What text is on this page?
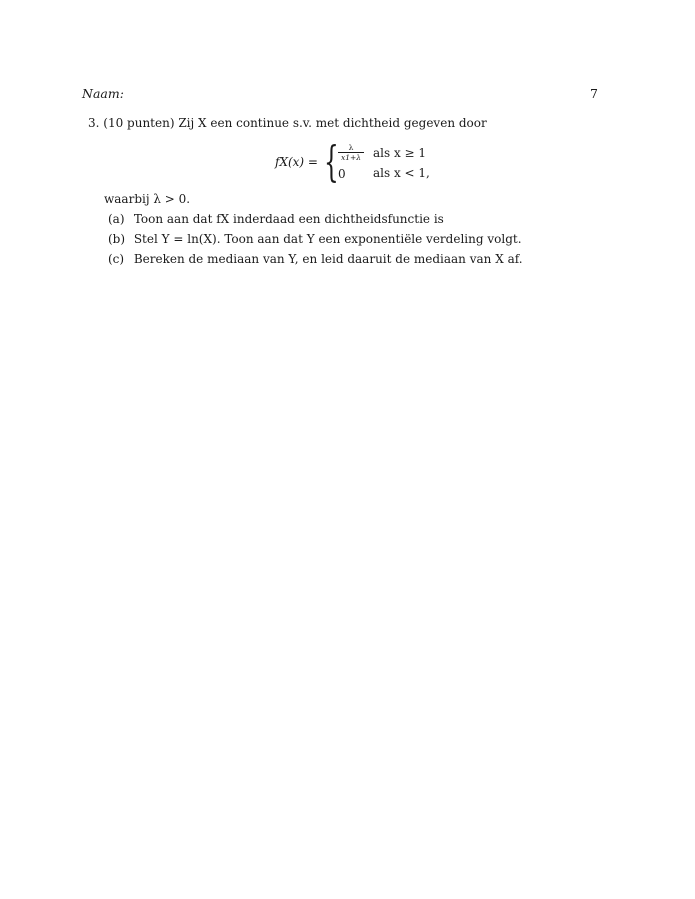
Naam:	7
3. (10 punten) Zij X een continue s.v. met dichtheid gegeven door
fX(x) = { $\frac{\lambda}{x1+\lambda}$ als x ≥ 1
0 als x < 1,
waarbij λ > 0.
(a) Toon aan dat fX inderdaad een dichtheidsfunctie is
(b) Stel Y = ln(X). Toon aan dat Y een exponentiële verdeling volgt.
(c) Bereken de mediaan van Y, en leid daaruit de mediaan van X af.
